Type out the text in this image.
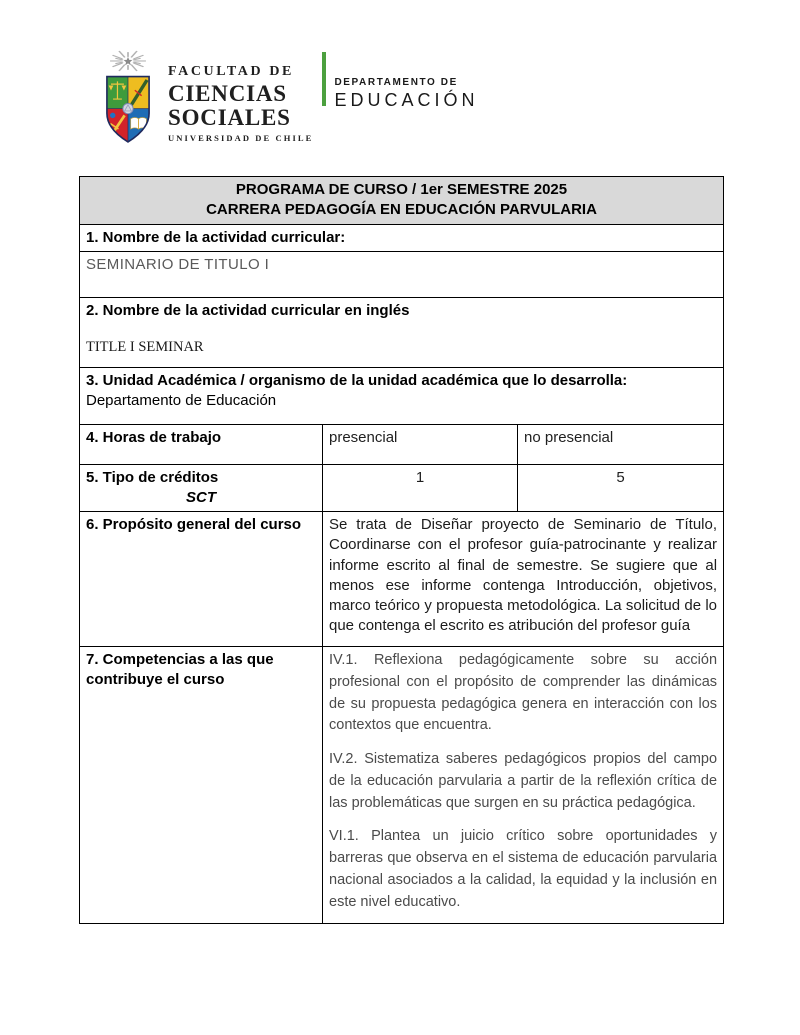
FACULTAD DE
CIENCIAS
SOCIALES
UNIVERSIDAD DE CHILE
DEPARTAMENTO DE
EDUCACIÓN
PROGRAMA DE CURSO / 1er SEMESTRE 2025
CARRERA PEDAGOGÍA EN EDUCACIÓN PARVULARIA		

1. Nombre de la actividad curricular:		
SEMINARIO DE TITULO I		

2. Nombre de la actividad curricular en inglés
TITLE I SEMINAR		

3. Unidad Académica / organismo de la unidad académica que lo desarrolla: Departamento de Educación		
4. Horas de trabajo	presencial	no presencial

5. Tipo de créditos
SCT	1	5
6. Propósito general del curso	Se trata de Diseñar proyecto de Seminario de Título, Coordinarse con el profesor guía-patrocinante y realizar informe escrito al final de semestre. Se sugiere que al menos ese informe contenga Introducción, objetivos, marco teórico y propuesta metodológica. La solicitud de lo que contenga el escrito es atribución del profesor guía	
7. Competencias a las que contribuye el curso	IV.1. Reflexiona pedagógicamente sobre su acción profesional con el propósito de comprender las dinámicas de su propuesta pedagógica genera en interacción con los contextos que encuentra.

IV.2. Sistematiza saberes pedagógicos propios del campo de la educación parvularia a partir de la reflexión crítica de las problemáticas que surgen en su práctica pedagógica.

VI.1. Plantea un juicio crítico sobre oportunidades y barreras que observa en el sistema de educación parvularia nacional asociados a la calidad, la equidad y la inclusión en este nivel educativo.	
